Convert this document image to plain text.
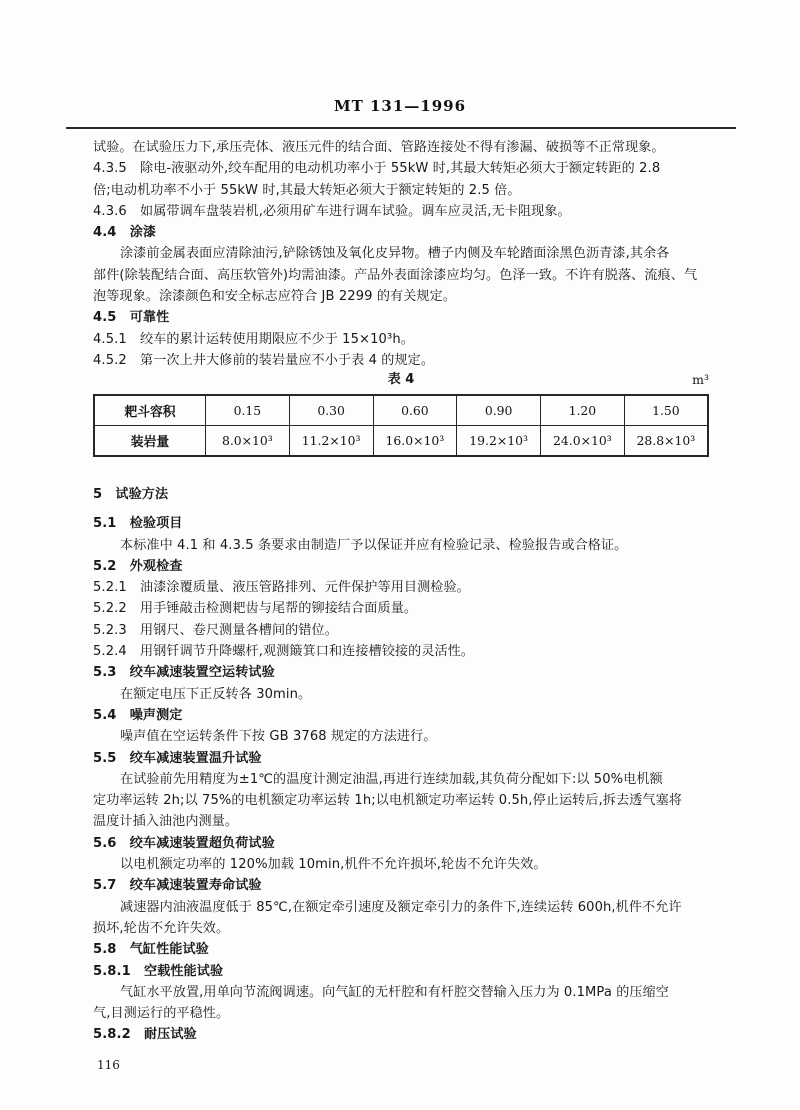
MT 131—1996
试验。在试验压力下,承压壳体、液压元件的结合面、管路连接处不得有渗漏、破损等不正常现象。
4.3.5　除电-液驱动外,绞车配用的电动机功率小于 55kW 时,其最大转矩必须大于额定转距的 2.8
倍;电动机功率不小于 55kW 时,其最大转矩必须大于额定转矩的 2.5 倍。
4.3.6　如属带调车盘装岩机,必须用矿车进行调车试验。调车应灵活,无卡阻现象。
4.4　涂漆
涂漆前金属表面应清除油污,铲除锈蚀及氧化皮异物。槽子内侧及车轮踏面涂黑色沥青漆,其余各
部件(除装配结合面、高压软管外)均需油漆。产品外表面涂漆应均匀。色泽一致。不许有脱落、流痕、气
泡等现象。涂漆颜色和安全标志应符合 JB 2299 的有关规定。
4.5　可靠性
4.5.1　绞车的累计运转使用期限应不少于 15×10³h。
4.5.2　第一次上井大修前的装岩量应不小于表 4 的规定。
表 4	m³
耙斗容积	0.15	0.30	0.60	0.90	1.20	1.50
装岩量	8.0×10³	11.2×10³	16.0×10³	19.2×10³	24.0×10³	28.8×10³
5　试验方法
5.1　检验项目
本标准中 4.1 和 4.3.5 条要求由制造厂予以保证并应有检验记录、检验报告或合格证。
5.2　外观检查
5.2.1　油漆涂覆质量、液压管路排列、元件保护等用目测检验。
5.2.2　用手锤敲击检测耙齿与尾帮的铆接结合面质量。
5.2.3　用钢尺、卷尺测量各槽间的错位。
5.2.4　用钢钎调节升降螺杆,观测簸箕口和连接槽铰接的灵活性。
5.3　绞车减速装置空运转试验
在额定电压下正反转各 30min。
5.4　噪声测定
噪声值在空运转条件下按 GB 3768 规定的方法进行。
5.5　绞车减速装置温升试验
在试验前先用精度为±1℃的温度计测定油温,再进行连续加载,其负荷分配如下:以 50%电机额
定功率运转 2h;以 75%的电机额定功率运转 1h;以电机额定功率运转 0.5h,停止运转后,拆去透气塞将
温度计插入油池内测量。
5.6　绞车减速装置超负荷试验
以电机额定功率的 120%加载 10min,机件不允许损坏,轮齿不允许失效。
5.7　绞车减速装置寿命试验
减速器内油液温度低于 85℃,在额定牵引速度及额定牵引力的条件下,连续运转 600h,机件不允许
损坏,轮齿不允许失效。
5.8　气缸性能试验
5.8.1　空载性能试验
气缸水平放置,用单向节流阀调速。向气缸的无杆腔和有杆腔交替输入压力为 0.1MPa 的压缩空
气,目测运行的平稳性。
5.8.2　耐压试验
116
